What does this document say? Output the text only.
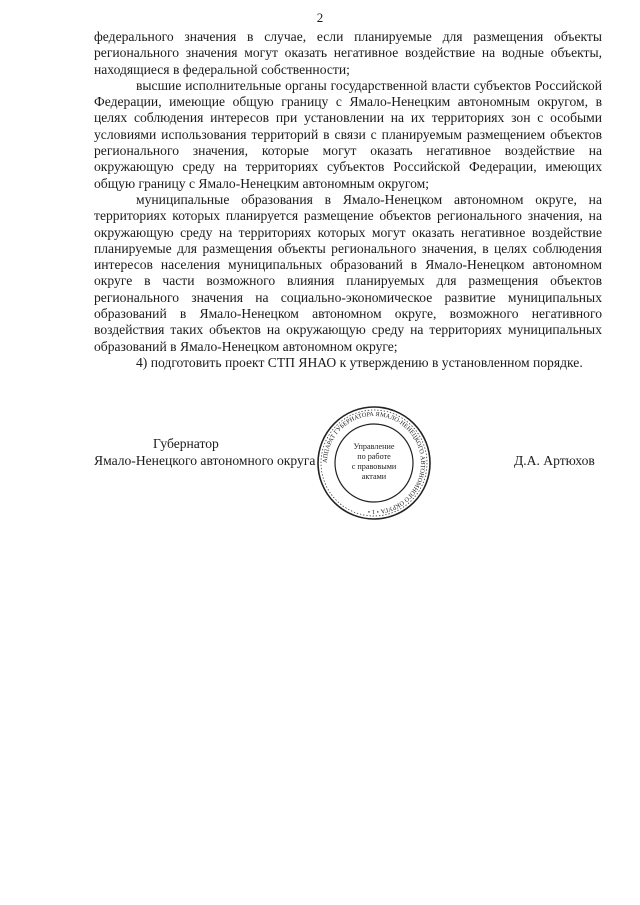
2

федерального значения в случае, если планируемые для размещения объекты регионального значения могут оказать негативное воздействие на водные объекты, находящиеся в федеральной собственности;

высшие исполнительные органы государственной власти субъектов Российской Федерации, имеющие общую границу с Ямало-Ненецким автономным округом, в целях соблюдения интересов при установлении на их территориях зон с особыми условиями использования территорий в связи с планируемым размещением объектов регионального значения, которые могут оказать негативное воздействие на окружающую среду на территориях субъектов Российской Федерации, имеющих общую границу с Ямало-Ненецким автономным округом;

муниципальные образования в Ямало-Ненецком автономном округе, на территориях которых планируется размещение объектов регионального значения, на окружающую среду на территориях которых могут оказать негативное воздействие планируемые для размещения объекты регионального значения, в целях соблюдения интересов населения муниципальных образований в Ямало-Ненецком автономном округе в части возможного влияния планируемых для размещения объектов регионального значения на социально-экономическое развитие муниципальных образований в Ямало-Ненецком автономном округе, возможного негативного воздействия таких объектов на окружающую среду на территориях муниципальных образований в Ямало-Ненецком автономном округе;

4) подготовить проект СТП ЯНАО к утверждению в установленном порядке.

Губернатор
Ямало-Ненецкого автономного округа	Д.А. Артюхов
АППАРАТ ГУБЕРНАТОРА ЯМАЛО-НЕНЕЦКОГО АВТОНОМНОГО ОКРУГА • 1 •
Управление
по работе
с правовыми
актами
